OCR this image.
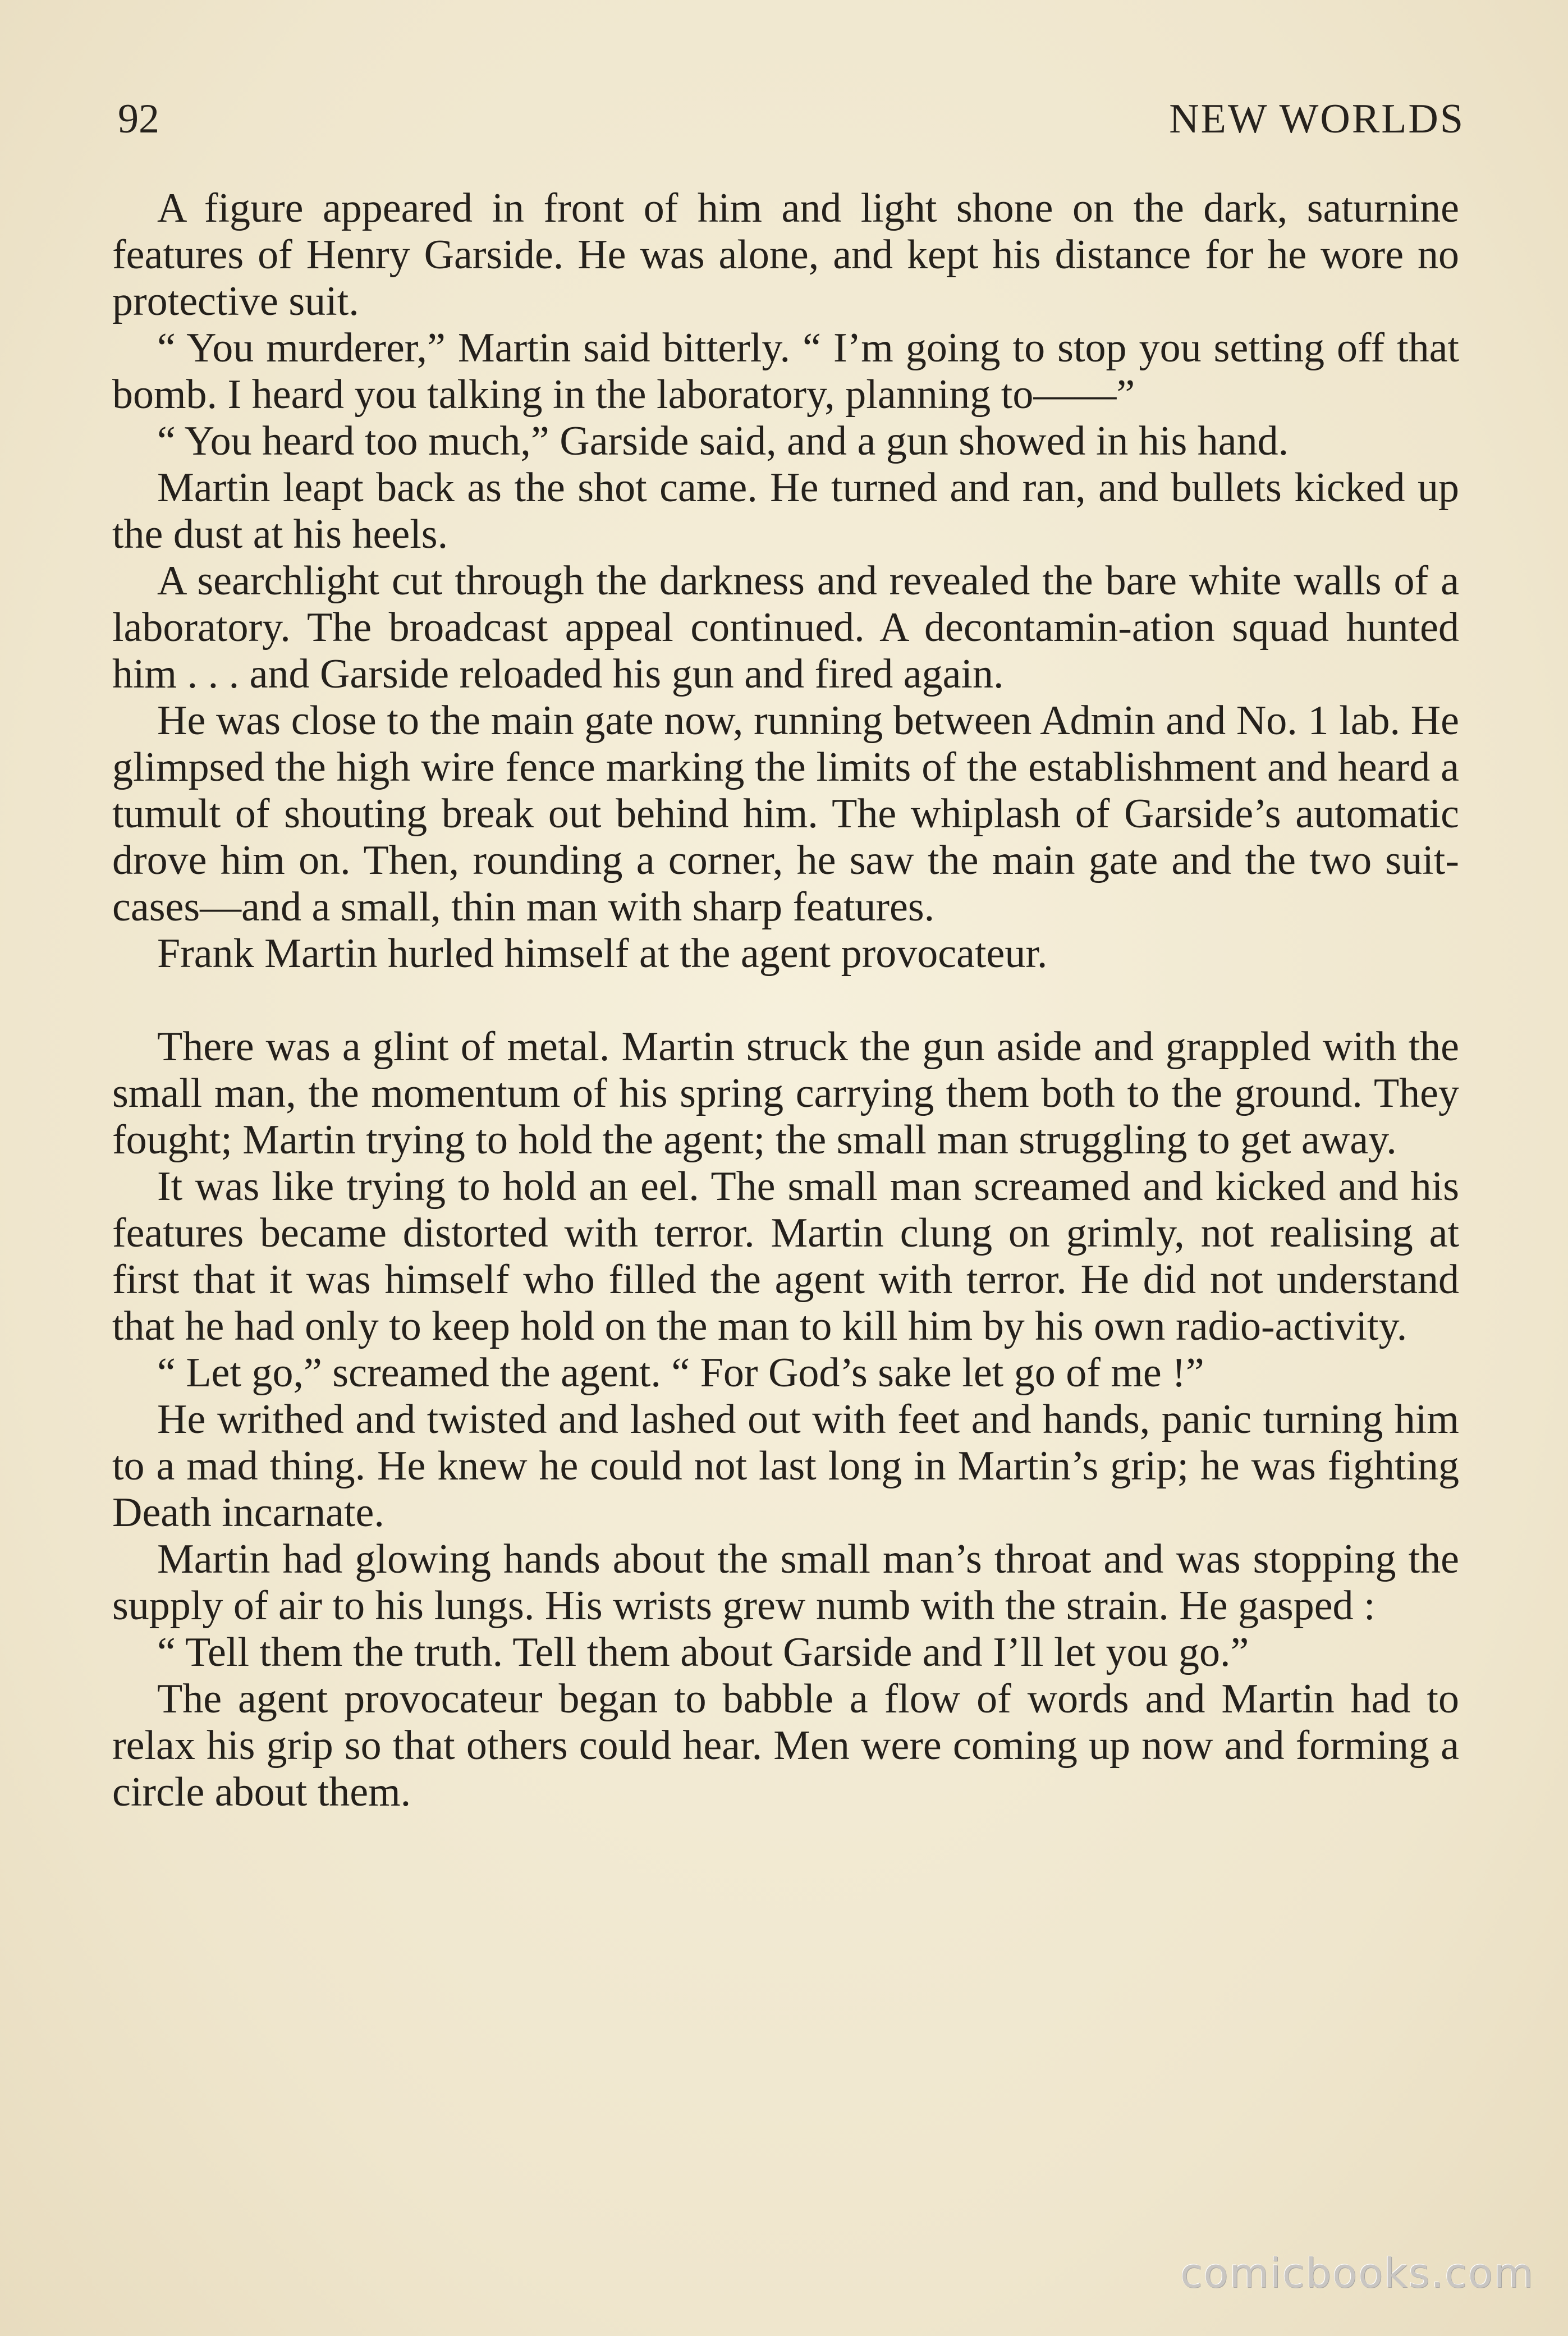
92	NEW WORLDS

A figure appeared in front of him and light shone on the dark, saturnine features of Henry Garside. He was alone, and kept his distance for he wore no protective suit.

“ You murderer,” Martin said bitterly. “ I’m going to stop you setting off that bomb. I heard you talking in the laboratory, planning to——”

“ You heard too much,” Garside said, and a gun showed in his hand.

Martin leapt back as the shot came. He turned and ran, and bullets kicked up the dust at his heels.

A searchlight cut through the darkness and revealed the bare white walls of a laboratory. The broadcast appeal continued. A decontamin-ation squad hunted him . . . and Garside reloaded his gun and fired again.

He was close to the main gate now, running between Admin and No. 1 lab. He glimpsed the high wire fence marking the limits of the establishment and heard a tumult of shouting break out behind him. The whiplash of Garside’s automatic drove him on. Then, rounding a corner, he saw the main gate and the two suit-cases—and a small, thin man with sharp features.

Frank Martin hurled himself at the agent provocateur.

There was a glint of metal. Martin struck the gun aside and grappled with the small man, the momentum of his spring carrying them both to the ground. They fought; Martin trying to hold the agent; the small man struggling to get away.

It was like trying to hold an eel. The small man screamed and kicked and his features became distorted with terror. Martin clung on grimly, not realising at first that it was himself who filled the agent with terror. He did not understand that he had only to keep hold on the man to kill him by his own radio-activity.

“ Let go,” screamed the agent. “ For God’s sake let go of me !”

He writhed and twisted and lashed out with feet and hands, panic turning him to a mad thing. He knew he could not last long in Martin’s grip; he was fighting Death incarnate.

Martin had glowing hands about the small man’s throat and was stopping the supply of air to his lungs. His wrists grew numb with the strain. He gasped :

“ Tell them the truth. Tell them about Garside and I’ll let you go.”

The agent provocateur began to babble a flow of words and Martin had to relax his grip so that others could hear. Men were coming up now and forming a circle about them.

comicbooks.com
